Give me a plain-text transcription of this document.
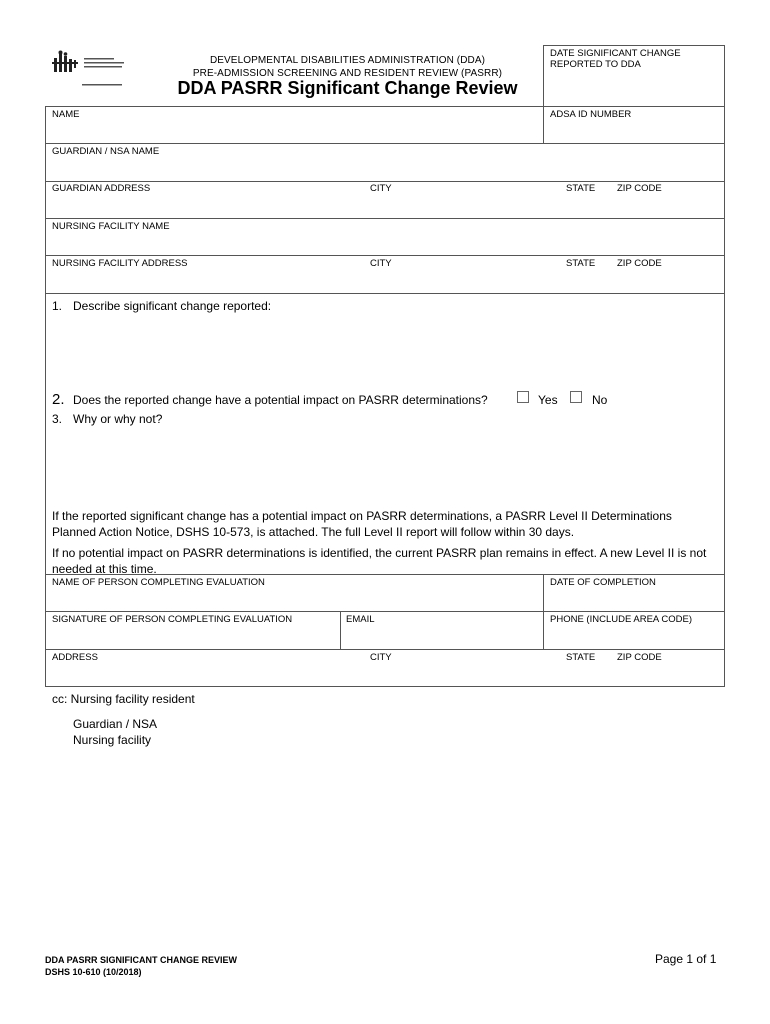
DEVELOPMENTAL DISABILITIES ADMINISTRATION (DDA)
PRE-ADMISSION SCREENING AND RESIDENT REVIEW (PASRR)
DDA PASRR Significant Change Review
DATE SIGNIFICANT CHANGE
REPORTED TO DDA
NAME	ADSA ID NUMBER
GUARDIAN / NSA NAME
GUARDIAN ADDRESS	CITY	STATE ZIP CODE
NURSING FACILITY NAME
NURSING FACILITY ADDRESS	CITY	STATE ZIP CODE
1. Describe significant change reported:
2. Does the reported change have a potential impact on PASRR determinations?	Yes	No
3. Why or why not?
If the reported significant change has a potential impact on PASRR determinations, a PASRR Level II Determinations Planned Action Notice, DSHS 10-573, is attached. The full Level II report will follow within 30 days.
If no potential impact on PASRR determinations is identified, the current PASRR plan remains in effect. A new Level II is not needed at this time.
NAME OF PERSON COMPLETING EVALUATION	DATE OF COMPLETION
SIGNATURE OF PERSON COMPLETING EVALUATION	EMAIL	PHONE (INCLUDE AREA CODE)
ADDRESS	CITY	STATE ZIP CODE
cc: Nursing facility resident
Guardian / NSA
Nursing facility
DDA PASRR SIGNIFICANT CHANGE REVIEW
DSHS 10-610 (10/2018)
Page 1 of 1
